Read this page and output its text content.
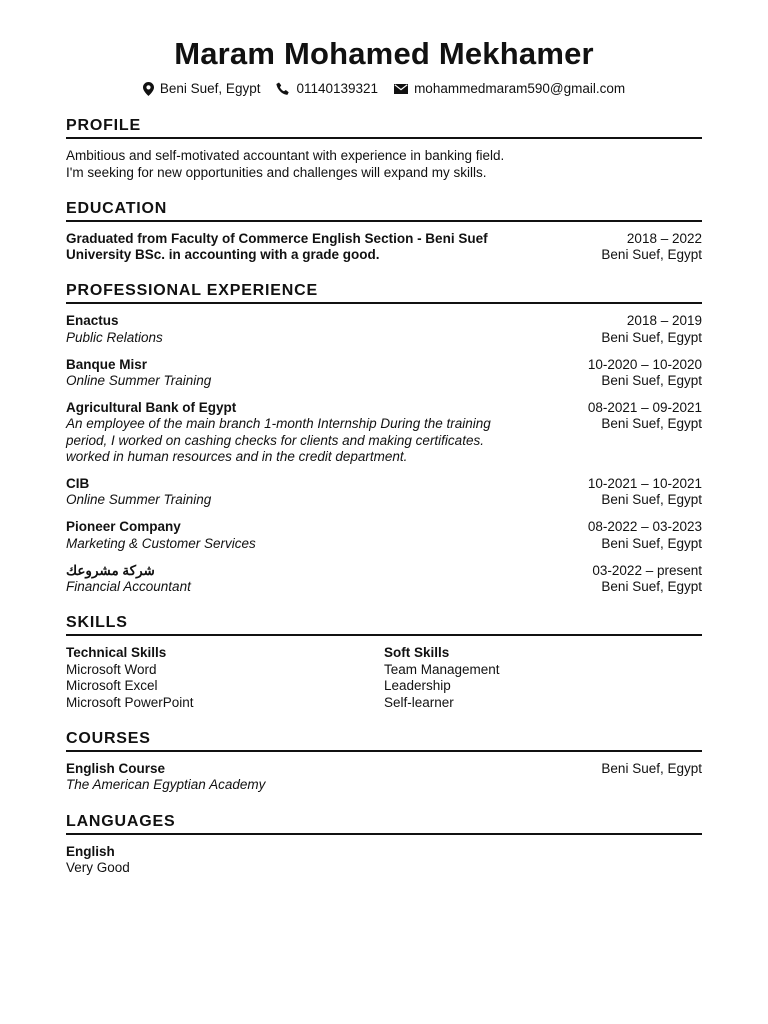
Maram Mohamed Mekhamer
Beni Suef, Egypt	01140139321	mohammedmaram590@gmail.com
PROFILE
Ambitious and self-motivated accountant with experience in banking field.
I'm seeking for new opportunities and challenges will expand my skills.
EDUCATION
Graduated from Faculty of Commerce English Section - Beni Suef
University BSc. in accounting with a grade good.
2018 – 2022
Beni Suef, Egypt
PROFESSIONAL EXPERIENCE
Enactus
Public Relations
2018 – 2019
Beni Suef, Egypt
Banque Misr
Online Summer Training
10-2020 – 10-2020
Beni Suef, Egypt
Agricultural Bank of Egypt
An employee of the main branch 1-month Internship During the training
period, I worked on cashing checks for clients and making certificates.
worked in human resources and in the credit department.
08-2021 – 09-2021
Beni Suef, Egypt
CIB
Online Summer Training
10-2021 – 10-2021
Beni Suef, Egypt
Pioneer Company
Marketing & Customer Services
08-2022 – 03-2023
Beni Suef, Egypt
شركة مشروعك
Financial Accountant
03-2022 – present
Beni Suef, Egypt
SKILLS
Technical Skills
Microsoft Word
Microsoft Excel
Microsoft PowerPoint
Soft Skills
Team Management
Leadership
Self-learner
COURSES
English Course
The American Egyptian Academy
Beni Suef, Egypt
LANGUAGES
English
Very Good
